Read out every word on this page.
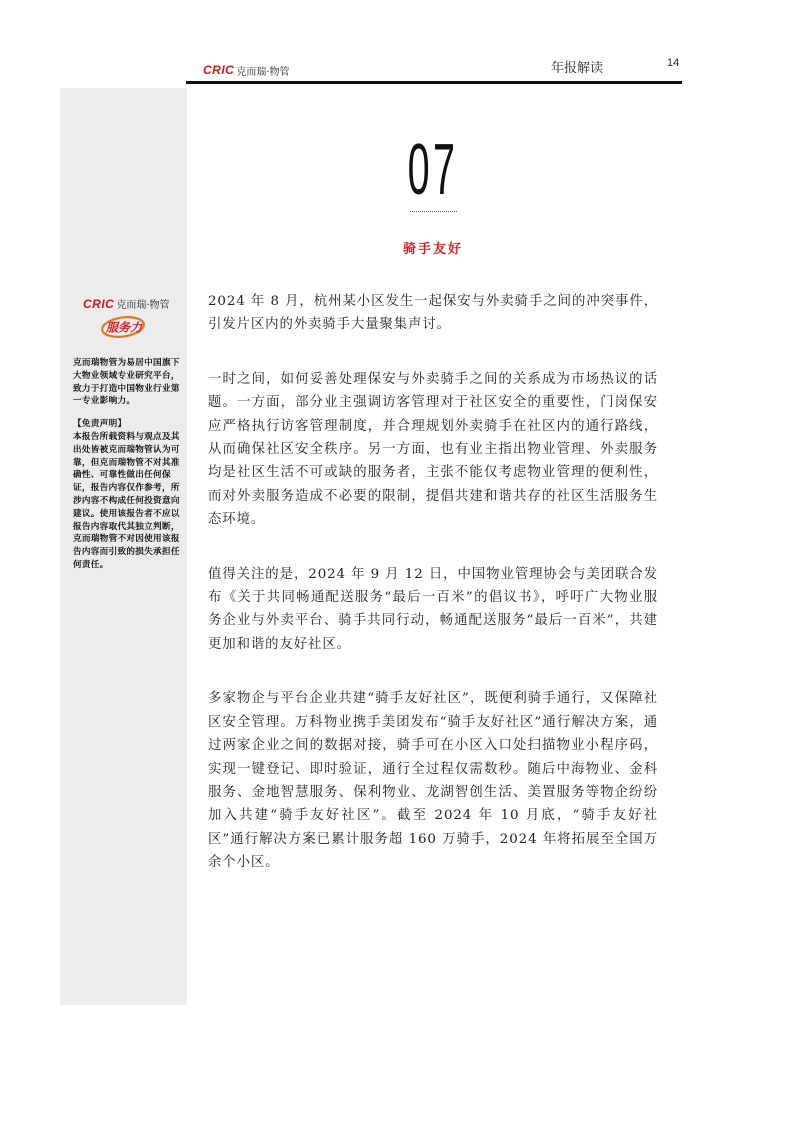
CRIC 克而瑞·物管	年报解读	14
CRIC 克而瑞·物管
服务力

克而瑞物管为易居中国旗下大物业领域专业研究平台，致力于打造中国物业行业第一专业影响力。

【免责声明】
本报告所载资料与观点及其出处皆被克而瑞物管认为可靠，但克而瑞物管不对其准确性、可靠性做出任何保证，报告内容仅作参考，所涉内容不构成任何投资意向建议。使用该报告者不应以报告内容取代其独立判断，克而瑞物管不对因使用该报告内容而引致的损失承担任何责任。
07
骑手友好

2024 年 8 月，杭州某小区发生一起保安与外卖骑手之间的冲突事件，引发片区内的外卖骑手大量聚集声讨。

一时之间，如何妥善处理保安与外卖骑手之间的关系成为市场热议的话题。一方面，部分业主强调访客管理对于社区安全的重要性，门岗保安应严格执行访客管理制度，并合理规划外卖骑手在社区内的通行路线，从而确保社区安全秩序。另一方面，也有业主指出物业管理、外卖服务均是社区生活不可或缺的服务者，主张不能仅考虑物业管理的便利性，而对外卖服务造成不必要的限制，提倡共建和谐共存的社区生活服务生态环境。

值得关注的是，2024 年 9 月 12 日，中国物业管理协会与美团联合发布《关于共同畅通配送服务“最后一百米”的倡议书》，呼吁广大物业服务企业与外卖平台、骑手共同行动，畅通配送服务“最后一百米”，共建更加和谐的友好社区。

多家物企与平台企业共建“骑手友好社区”，既便利骑手通行，又保障社区安全管理。万科物业携手美团发布“骑手友好社区”通行解决方案，通过两家企业之间的数据对接，骑手可在小区入口处扫描物业小程序码，实现一键登记、即时验证，通行全过程仅需数秒。随后中海物业、金科服务、金地智慧服务、保利物业、龙湖智创生活、美置服务等物企纷纷加入共建“骑手友好社区”。截至 2024 年 10 月底，“骑手友好社区”通行解决方案已累计服务超 160 万骑手，2024 年将拓展至全国万余个小区。
